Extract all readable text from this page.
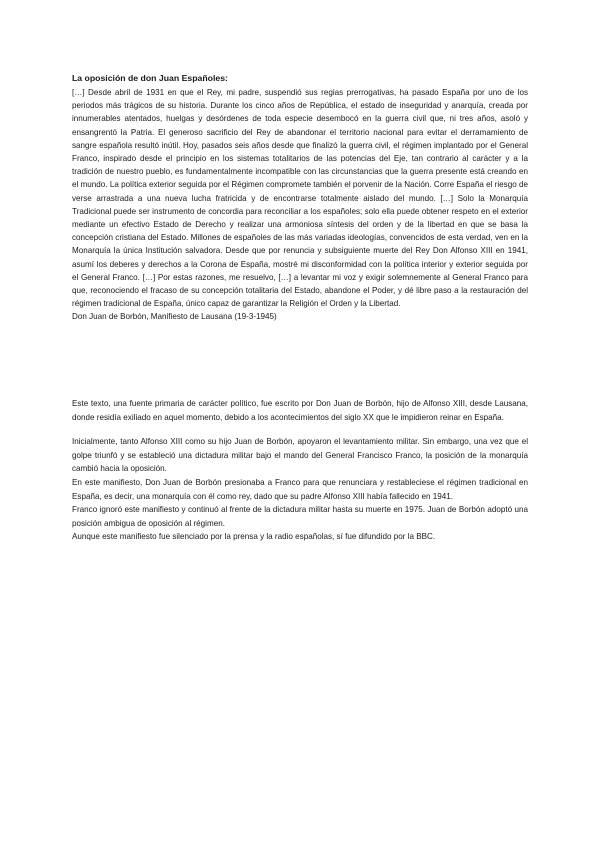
La oposición de don Juan Españoles:

[…] Desde abril de 1931 en que el Rey, mi padre, suspendió sus regias prerrogativas, ha pasado España por uno de los periodos más trágicos de su historia. Durante los cinco años de República, el estado de inseguridad y anarquía, creada por innumerables atentados, huelgas y desórdenes de toda especie desembocó en la guerra civil que, ni tres años, asoló y ensangrentó la Patria. El generoso sacrificio del Rey de abandonar el territorio nacional para evitar el derramamiento de sangre española resultó inútil. Hoy, pasados seis años desde que finalizó la guerra civil, el régimen implantado por el General Franco, inspirado desde el principio en los sistemas totalitarios de las potencias del Eje, tan contrario al carácter y a la tradición de nuestro pueblo, es fundamentalmente incompatible con las circunstancias que la guerra presente está creando en el mundo. La política exterior seguida por el Régimen compromete también el porvenir de la Nación. Corre España el riesgo de verse arrastrada a una nueva lucha fratricida y de encontrarse totalmente aislado del mundo. […] Solo la Monarquía Tradicional puede ser instrumento de concordia para reconciliar a los españoles; solo ella puede obtener respeto en el exterior mediante un efectivo Estado de Derecho y realizar una armoniosa síntesis del orden y de la libertad en que se basa la concepción cristiana del Estado. Millones de españoles de las más variadas ideologías, convencidos de esta verdad, ven en la Monarquía la única Institución salvadora. Desde que por renuncia y subsiguiente muerte del Rey Don Alfonso XIII en 1941, asumí los deberes y derechos a la Corona de España, mostré mi disconformidad con la política interior y exterior seguida por el General Franco. […] Por estas razones, me resuelvo, […] a levantar mi voz y exigir solemnemente al General Franco para que, reconociendo el fracaso de su concepción totalitaria del Estado, abandone el Poder, y dé libre paso a la restauración del régimen tradicional de España, único capaz de garantizar la Religión el Orden y la Libertad.

Don Juan de Borbón, Manifiesto de Lausana (19-3-1945)

Este texto, una fuente primaria de carácter político, fue escrito por Don Juan de Borbón, hijo de Alfonso XIII, desde Lausana, donde residía exiliado en aquel momento, debido a los acontecimientos del siglo XX que le impidieron reinar en España.

Inicialmente, tanto Alfonso XIII como su hijo Juan de Borbón, apoyaron el levantamiento militar. Sin embargo, una vez que el golpe triunfó y se estableció una dictadura militar bajo el mando del General Francisco Franco, la posición de la monarquía cambió hacia la oposición.

En este manifiesto, Don Juan de Borbón presionaba a Franco para que renunciara y restableciese el régimen tradicional en España, es decir, una monarquía con él como rey, dado que su padre Alfonso XIII había fallecido en 1941.

Franco ignoró este manifiesto y continuó al frente de la dictadura militar hasta su muerte en 1975. Juan de Borbón adoptó una posición ambigua de oposición al régimen.

Aunque este manifiesto fue silenciado por la prensa y la radio españolas, sí fue difundido por la BBC.
